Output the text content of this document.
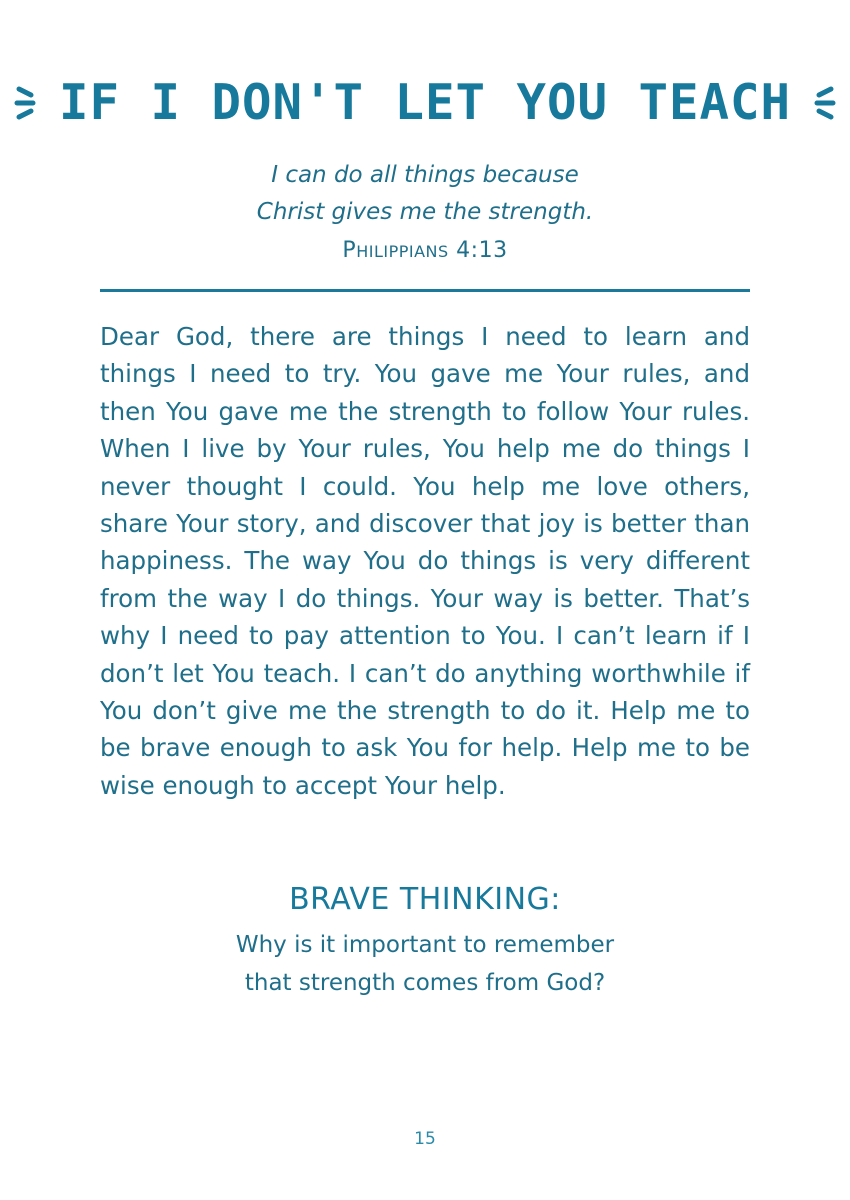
IF I DON'T LET YOU TEACH
I can do all things because
Christ gives me the strength.
PHILIPPIANS 4:13
Dear God, there are things I need to learn and things I need to try. You gave me Your rules, and then You gave me the strength to follow Your rules. When I live by Your rules, You help me do things I never thought I could. You help me love others, share Your story, and discover that joy is better than happiness. The way You do things is very different from the way I do things. Your way is better. That’s why I need to pay attention to You. I can’t learn if I don’t let You teach. I can’t do anything worthwhile if You don’t give me the strength to do it. Help me to be brave enough to ask You for help. Help me to be wise enough to accept Your help.
BRAVE THINKING:
Why is it important to remember
that strength comes from God?
15
